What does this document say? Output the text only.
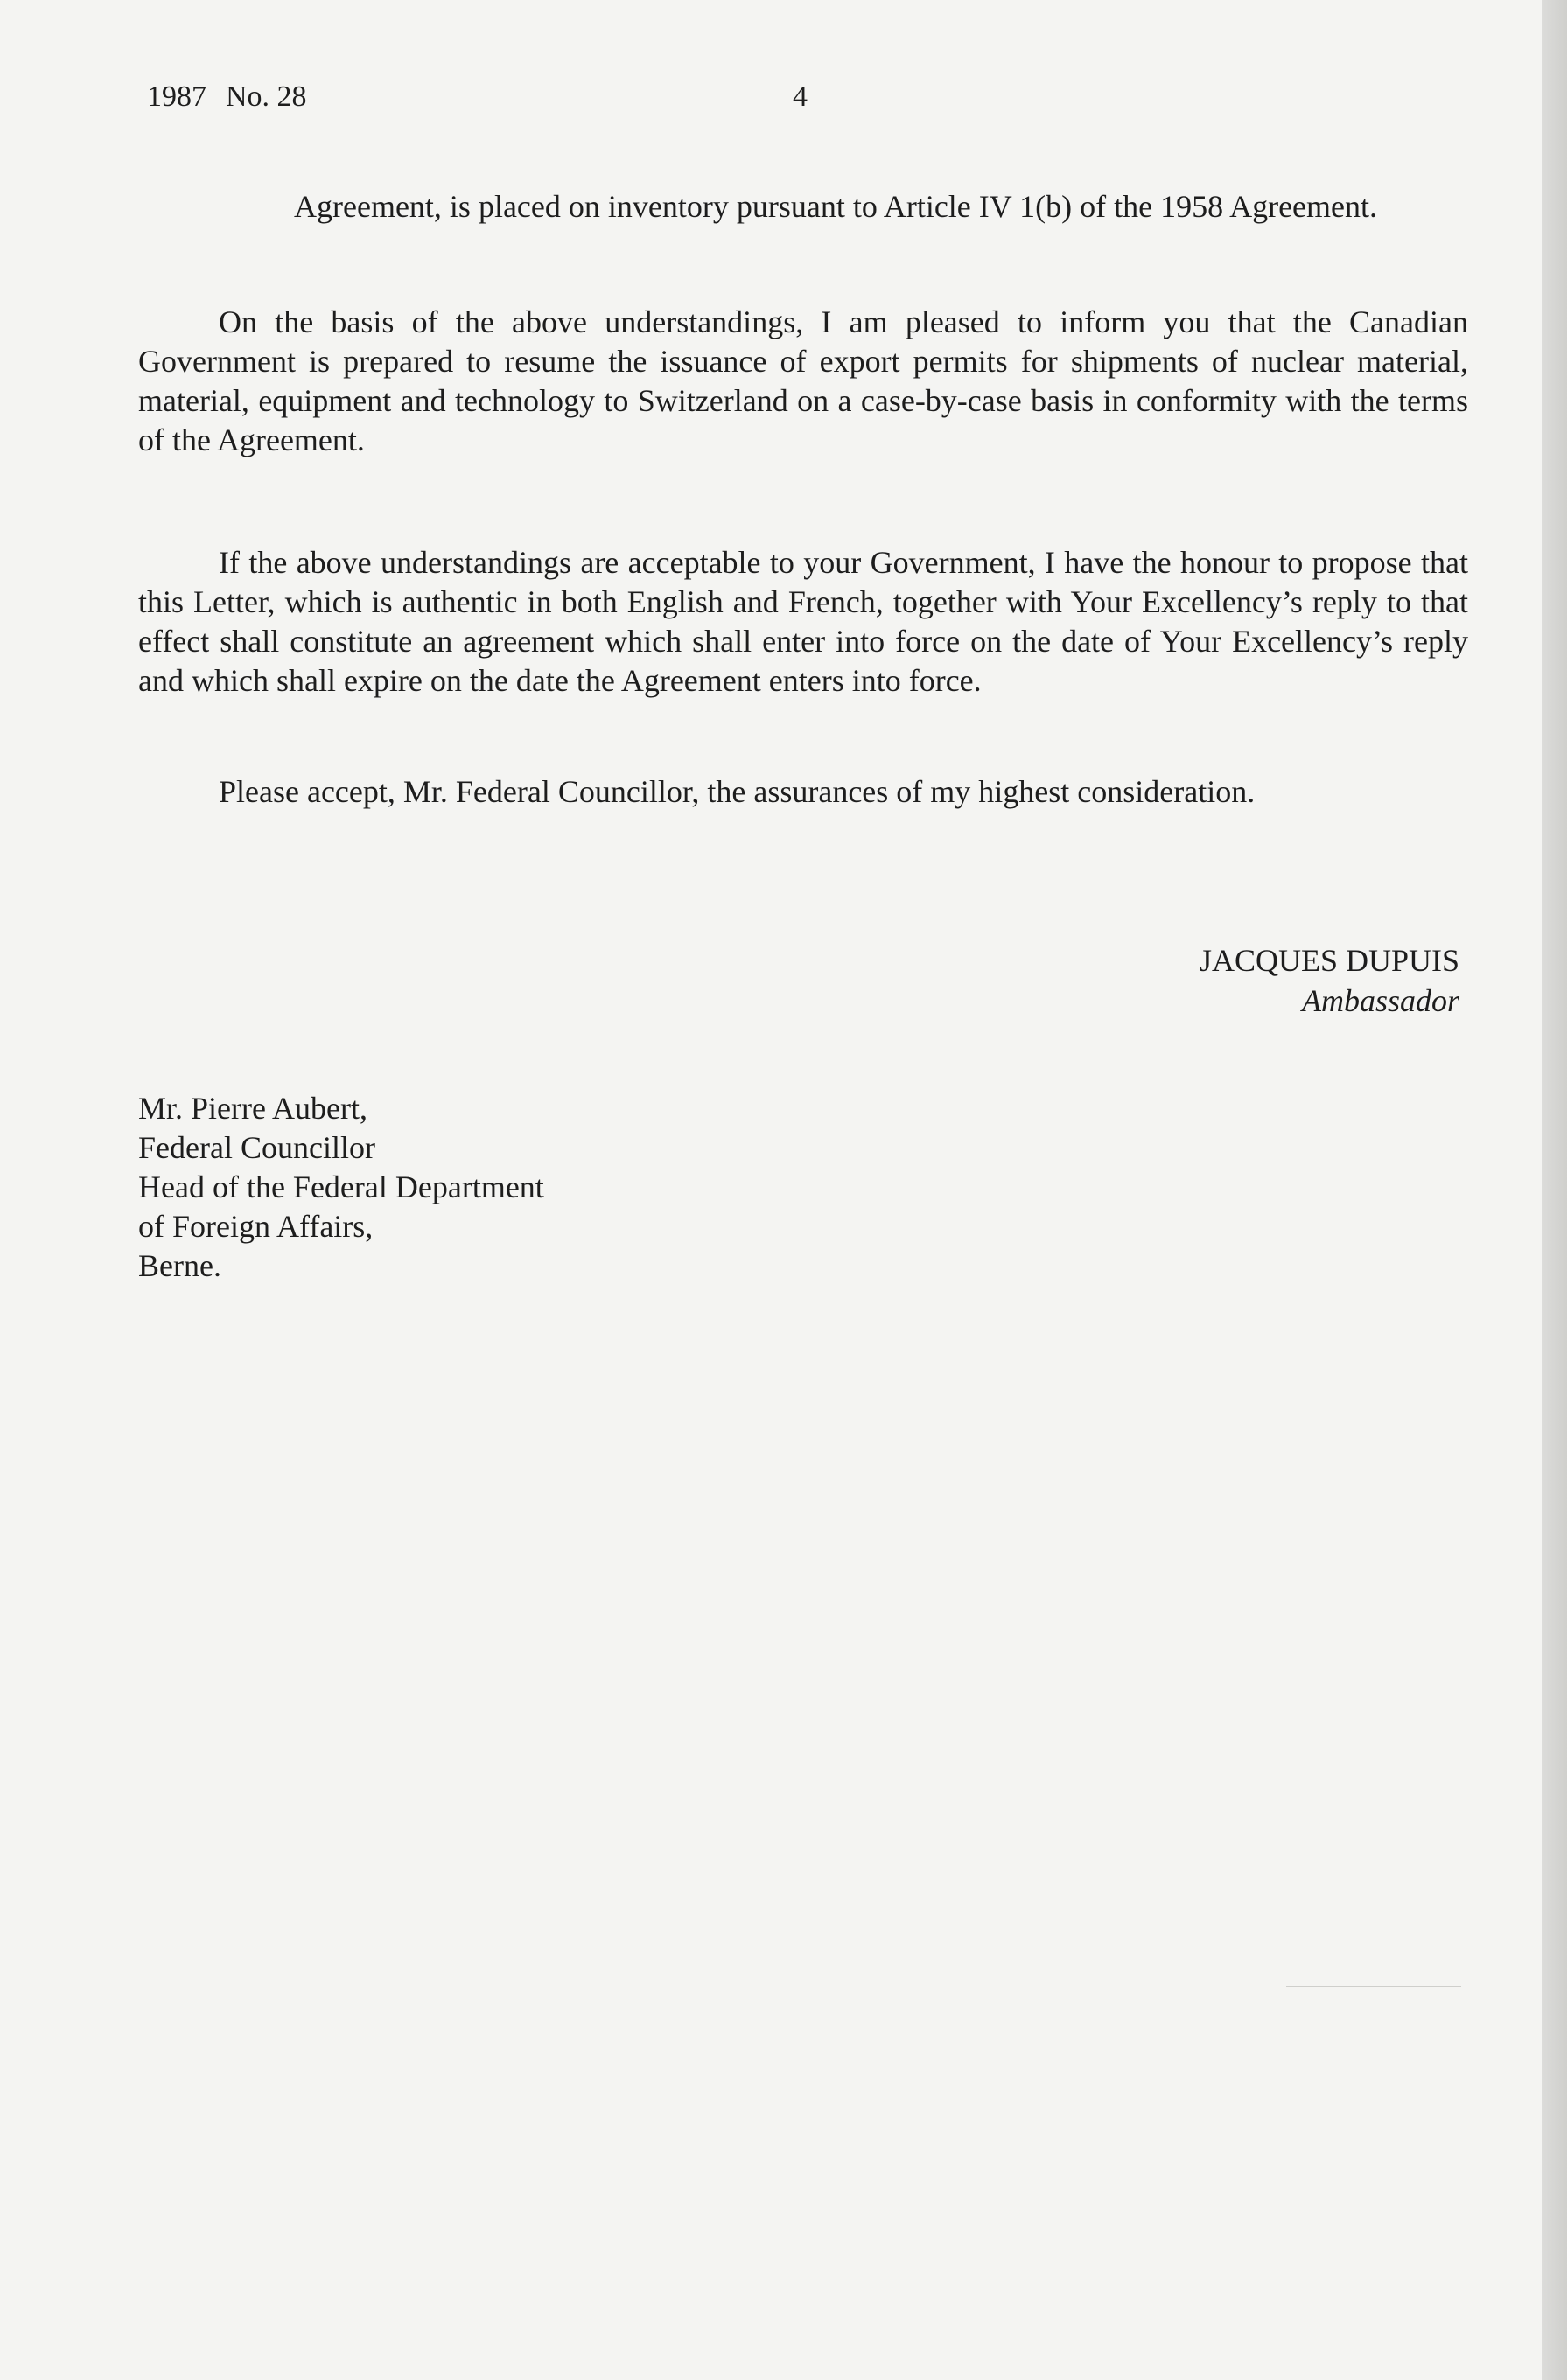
1987 No. 28	4
Agreement, is placed on inventory pursuant to Article IV 1(b) of the 1958 Agreement.
On the basis of the above understandings, I am pleased to inform you that the Canadian Government is prepared to resume the issuance of export permits for shipments of nuclear material, material, equipment and technology to Switzerland on a case-by-case basis in conformity with the terms of the Agreement.
If the above understandings are acceptable to your Government, I have the honour to propose that this Letter, which is authentic in both English and French, together with Your Excellency’s reply to that effect shall constitute an agreement which shall enter into force on the date of Your Excellency’s reply and which shall expire on the date the Agreement enters into force.
Please accept, Mr. Federal Councillor, the assurances of my highest consideration.
JACQUES DUPUIS
Ambassador
Mr. Pierre Aubert,
Federal Councillor
Head of the Federal Department
of Foreign Affairs,
Berne.
